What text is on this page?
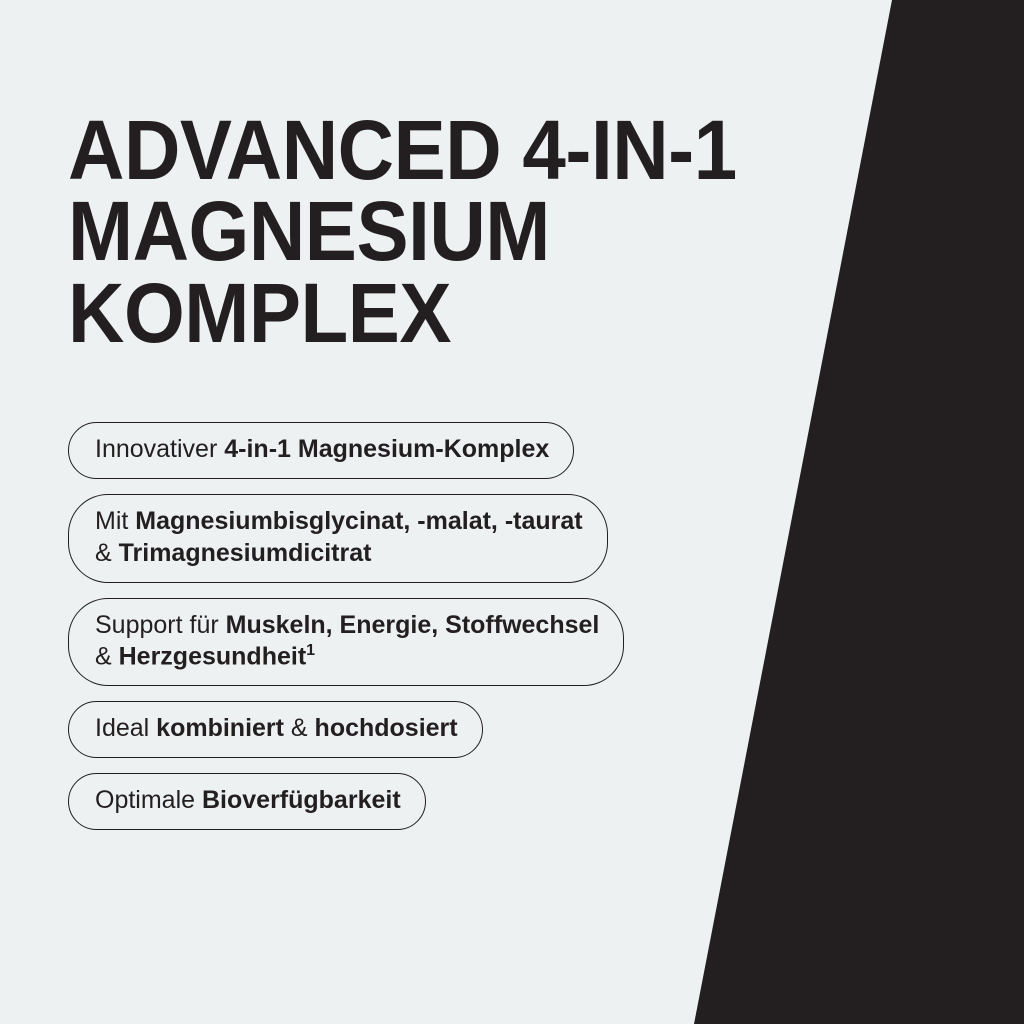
ADVANCED 4-IN-1
MAGNESIUM
KOMPLEX
Innovativer 4-in-1 Magnesium-Komplex
Mit Magnesiumbisglycinat, -malat, -taurat
& Trimagnesiumdicitrat
Support für Muskeln, Energie, Stoffwechsel
& Herzgesundheit$^1$
Ideal kombiniert & hochdosiert
Optimale Bioverfügbarkeit
